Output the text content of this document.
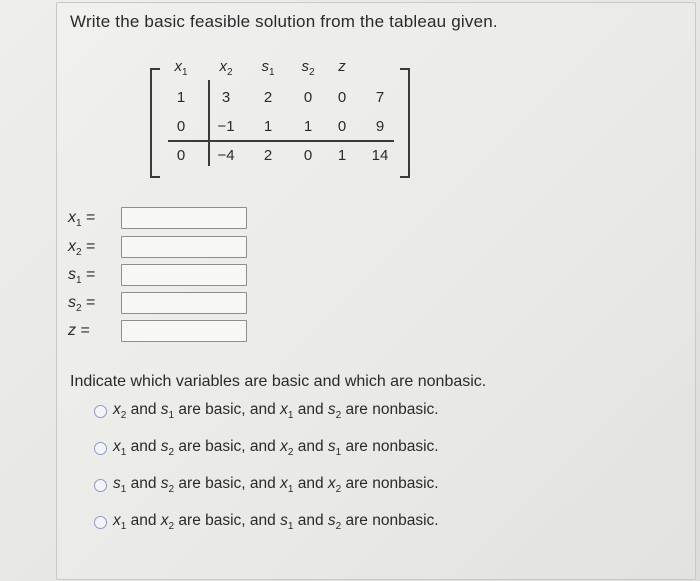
Write the basic feasible solution from the tableau given.
$x_1$ $x_2$ $s_1$ $s_2$	z
1	3	2	0	0	7
0	−1	1	1	0	9
0	−4	2	0	1	14
$x_1$ =
$x_2$ =
$s_1$ =
$s_2$ =
z =
Indicate which variables are basic and which are nonbasic.
$x_2$ and $s_1$ are basic, and $x_1$ and $s_2$ are nonbasic.
$x_1$ and $s_2$ are basic, and $x_2$ and $s_1$ are nonbasic.
$s_1$ and $s_2$ are basic, and $x_1$ and $x_2$ are nonbasic.
$x_1$ and $x_2$ are basic, and $s_1$ and $s_2$ are nonbasic.
